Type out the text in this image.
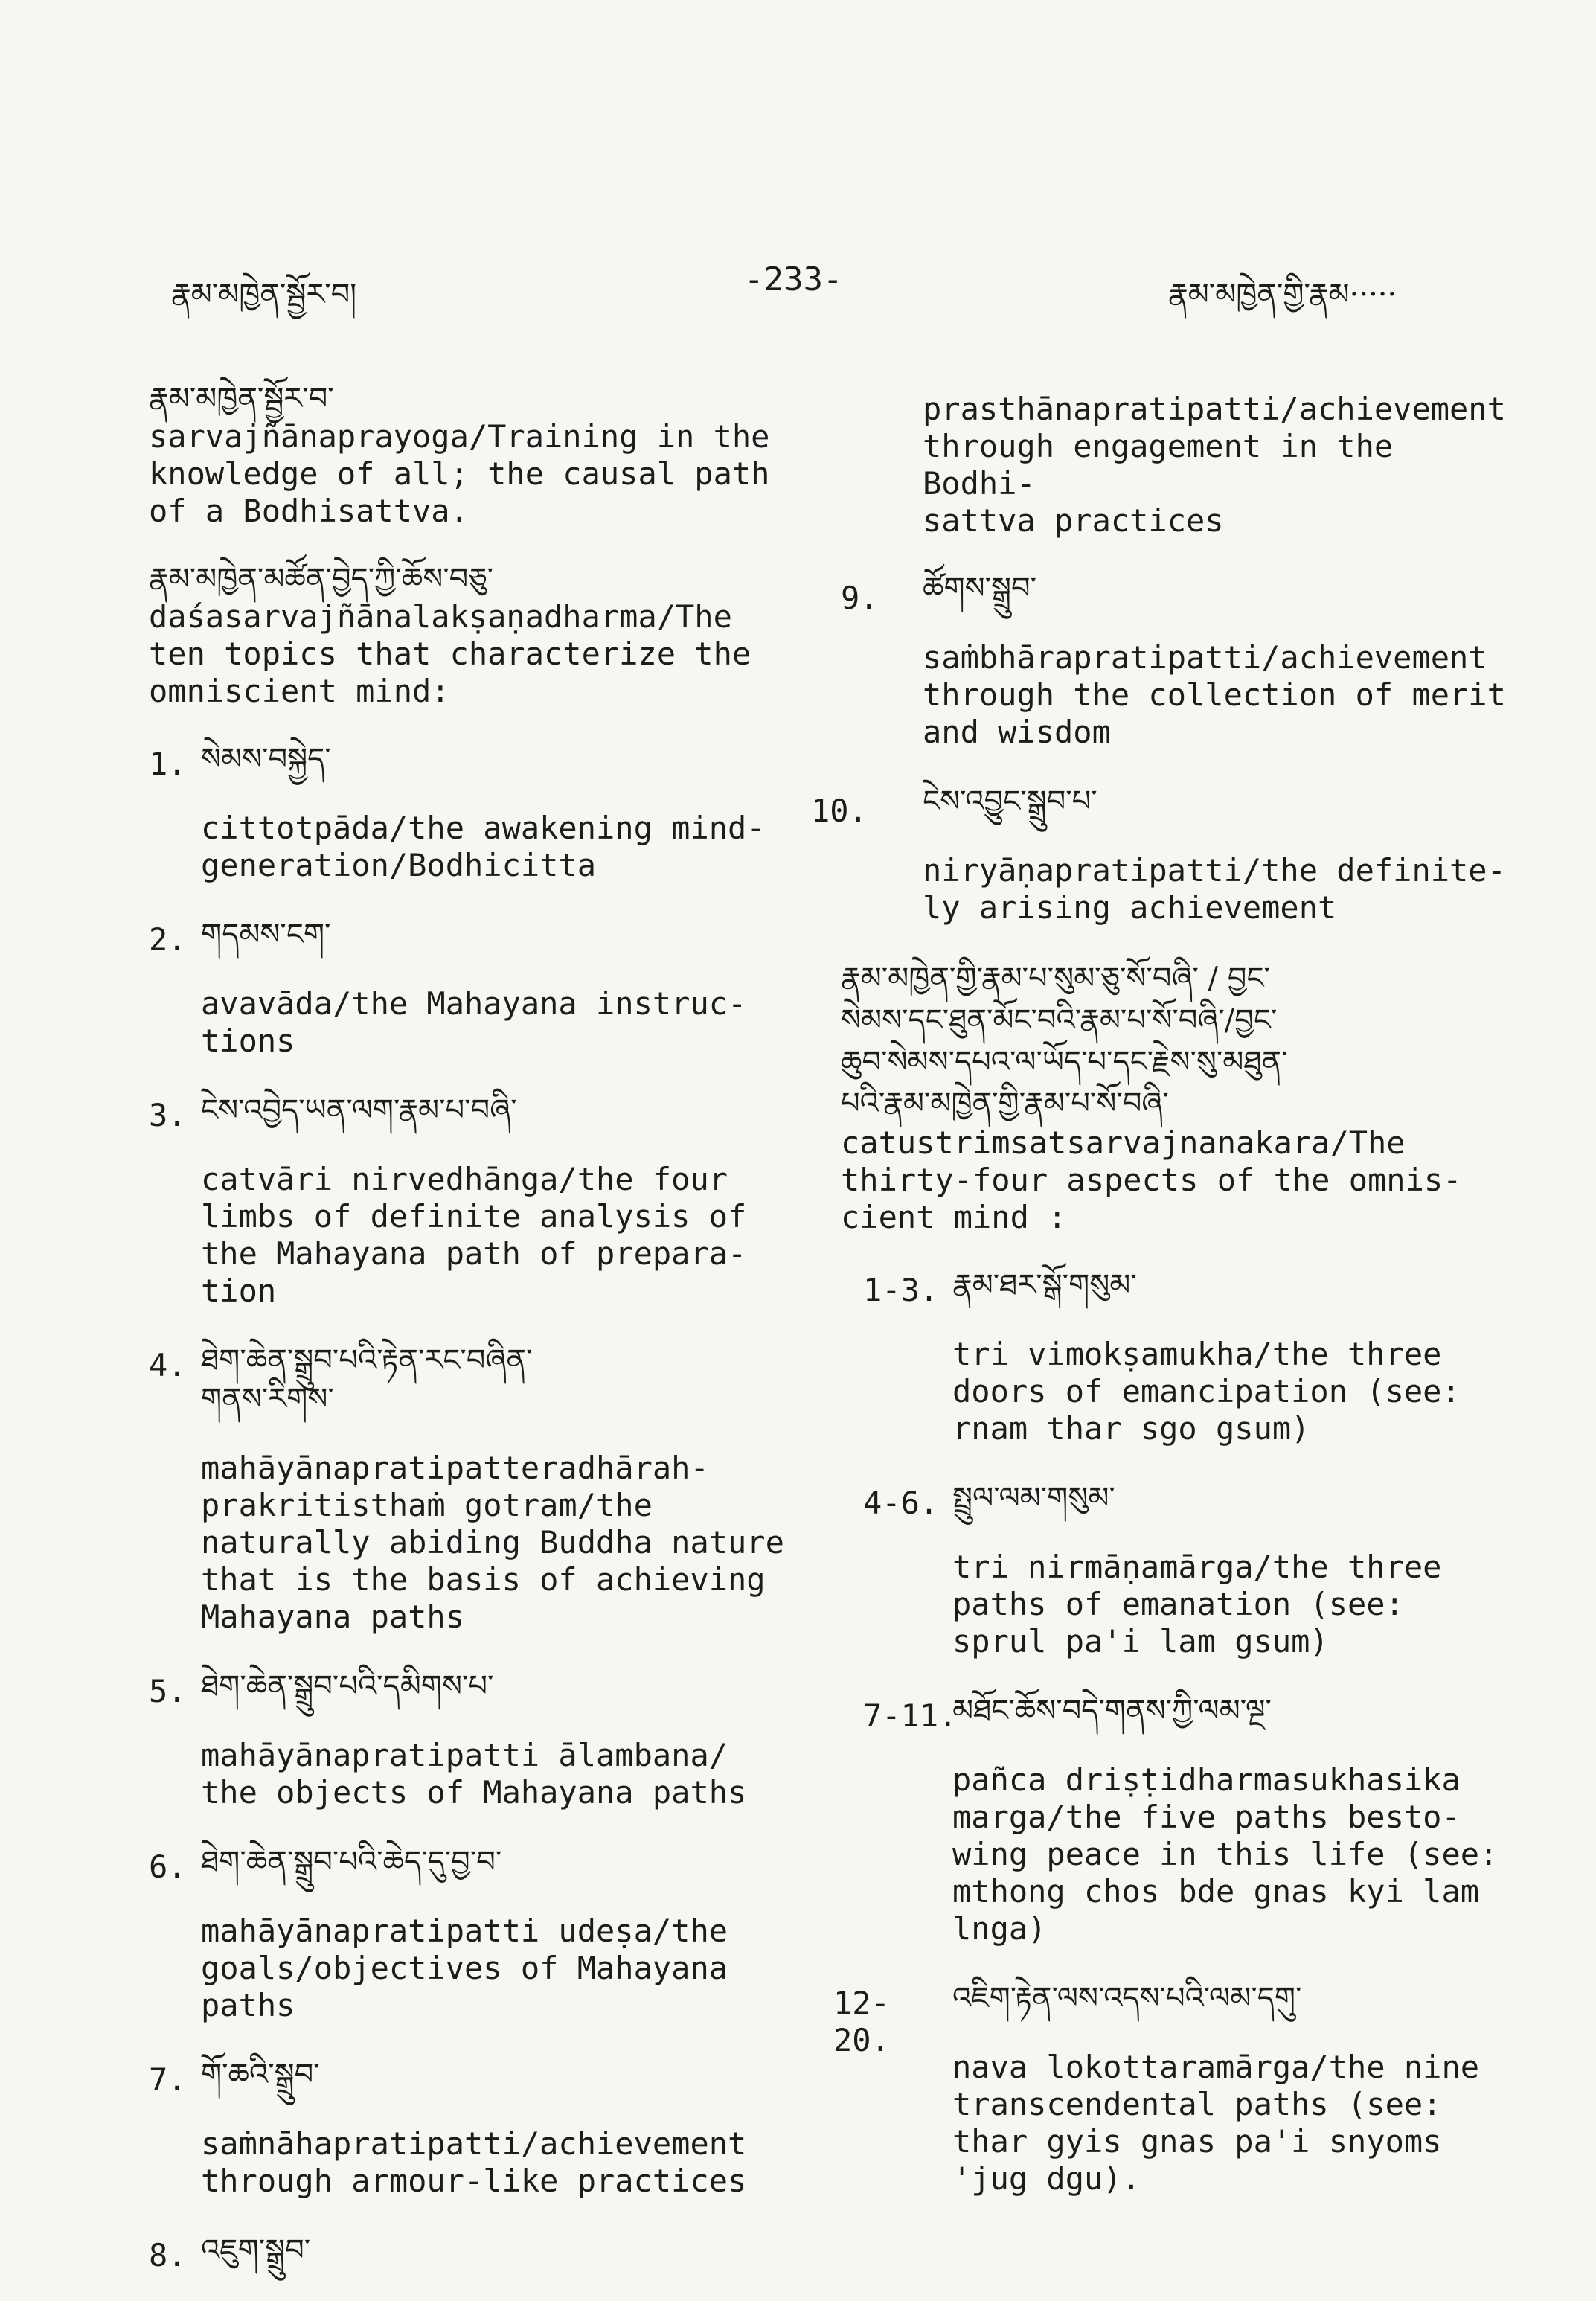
རྣམ་མཁྱེན་སྦྱོར་བ།	-233-	རྣམ་མཁྱེན་གྱི་རྣམ·····

རྣམ་མཁྱེན་སྦྱོར་བ་

sarvajñānaprayoga/Training in the
knowledge of all; the causal path
of a Bodhisattva.

རྣམ་མཁྱེན་མཚོན་བྱེད་ཀྱི་ཆོས་བཅུ་

daśasarvajñānalakṣaṇadharma/The
ten topics that characterize the
omniscient mind:

1. སེམས་བསྐྱེད་

cittotpāda/the awakening mind-
generation/Bodhicitta

2. གདམས་ངག་

avavāda/the Mahayana instruc-
tions

3. ངེས་འབྱེད་ཡན་ལག་རྣམ་པ་བཞི་

catvāri nirvedhānga/the four
limbs of definite analysis of
the Mahayana path of prepara-
tion

4. ཐེག་ཆེན་སྒྲུབ་པའི་རྟེན་རང་བཞིན་
གནས་རིགས་

mahāyānapratipatteradhārah-
prakritisthaṁ gotram/the
naturally abiding Buddha nature
that is the basis of achieving
Mahayana paths

5. ཐེག་ཆེན་སྒྲུབ་པའི་དམིགས་པ་

mahāyānapratipatti ālambana/
the objects of Mahayana paths

6. ཐེག་ཆེན་སྒྲུབ་པའི་ཆེད་དུ་བྱ་བ་

mahāyānapratipatti udeṣa/the
goals/objectives of Mahayana
paths

7. གོ་ཆའི་སྒྲུབ་

saṁnāhapratipatti/achievement
through armour-like practices

8. འཇུག་སྒྲུབ་

prasthānapratipatti/achievement
through engagement in the Bodhi-
sattva practices

9.	ཚོགས་སྒྲུབ་

saṁbhārapratipatti/achievement
through the collection of merit
and wisdom

10.	ངེས་འབྱུང་སྒྲུབ་པ་

niryāṇapratipatti/the definite-
ly arising achievement

རྣམ་མཁྱེན་གྱི་རྣམ་པ་སུམ་ཅུ་སོ་བཞི་ / བྱང་
སེམས་དང་ཐུན་མོང་བའི་རྣམ་པ་སོ་བཞི་/བྱང་
ཆུབ་སེམས་དཔའ་ལ་ཡོད་པ་དང་རྗེས་སུ་མཐུན་
པའི་རྣམ་མཁྱེན་གྱི་རྣམ་པ་སོ་བཞི་

catustrimsatsarvajnanakara/The
thirty-four aspects of the omnis-
cient mind :

1-3. རྣམ་ཐར་སྒོ་གསུམ་

tri vimokṣamukha/the three
doors of emancipation (see:
rnam thar sgo gsum)

4-6. སྤྲུལ་ལམ་གསུམ་

tri nirmāṇamārga/the three
paths of emanation (see:
sprul pa'i lam gsum)

7-11.

མཐོང་ཆོས་བདེ་གནས་ཀྱི་ལམ་ལྔ་

pañca driṣṭidharmasukhasika
marga/the five paths besto-
wing peace in this life (see:
mthong chos bde gnas kyi lam
lnga)

12-20.

འཇིག་རྟེན་ལས་འདས་པའི་ལམ་དགུ་

nava lokottaramārga/the nine
transcendental paths (see:
thar gyis gnas pa'i snyoms
'jug dgu).
